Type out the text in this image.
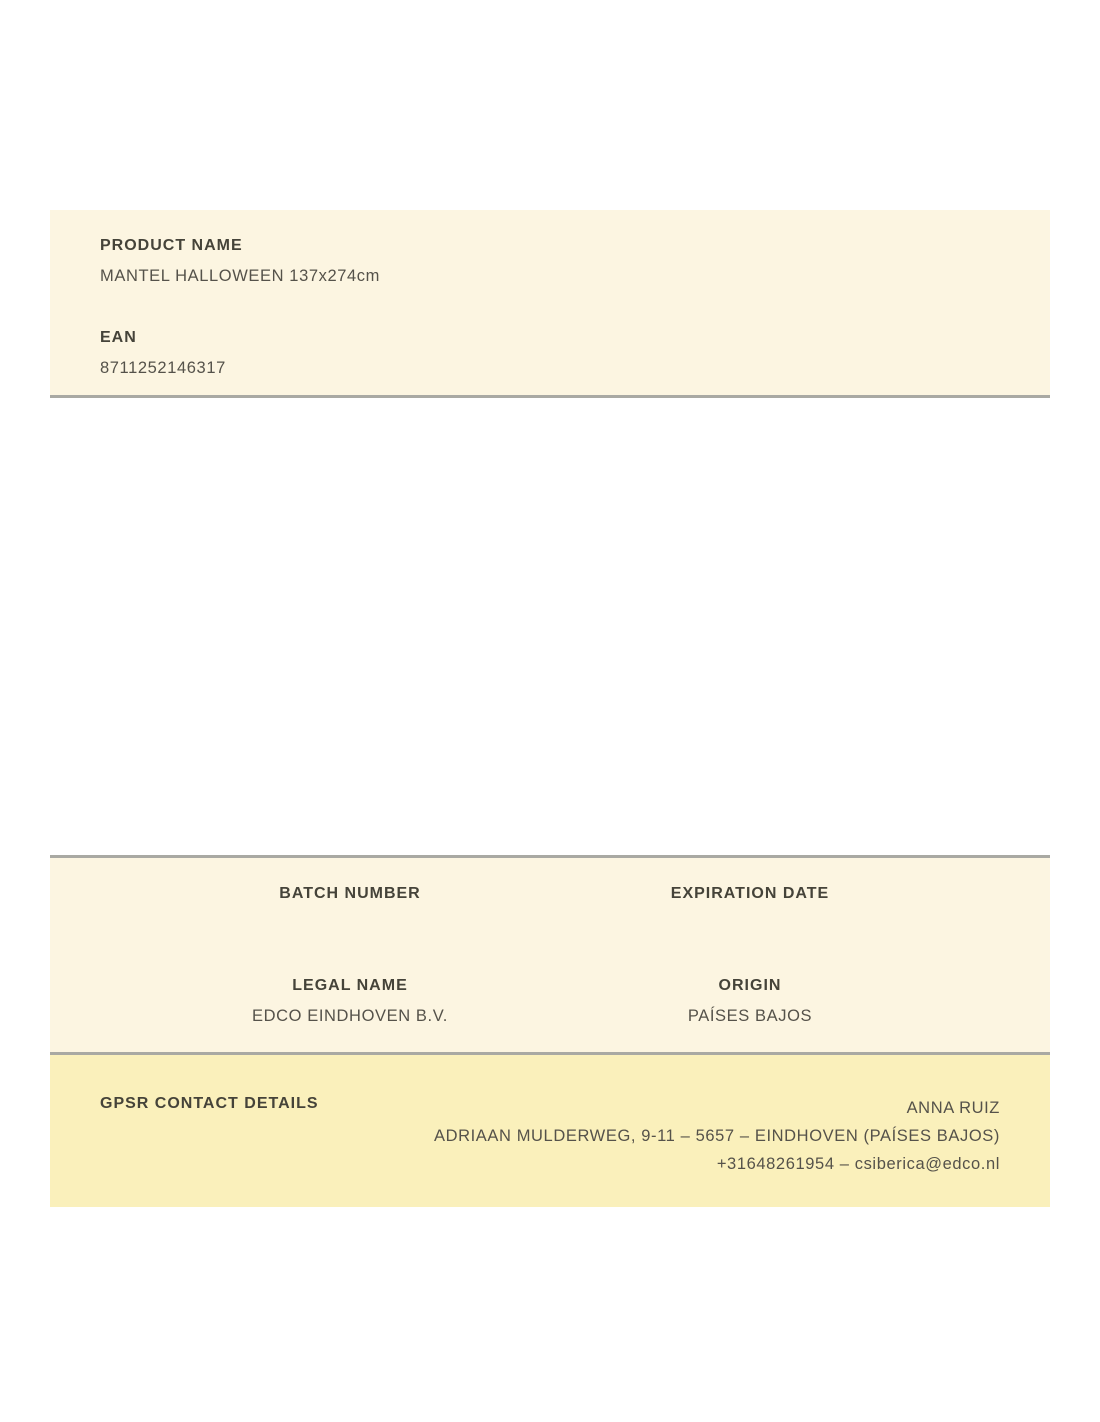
PRODUCT NAME
MANTEL HALLOWEEN 137x274cm
EAN
8711252146317
BATCH NUMBER	EXPIRATION DATE
LEGAL NAME
EDCO EINDHOVEN B.V.
ORIGIN
PAÍSES BAJOS
GPSR CONTACT DETAILS	ANNA RUIZ
ADRIAAN MULDERWEG, 9-11 – 5657 – EINDHOVEN (PAÍSES BAJOS)
+31648261954 – csiberica@edco.nl
